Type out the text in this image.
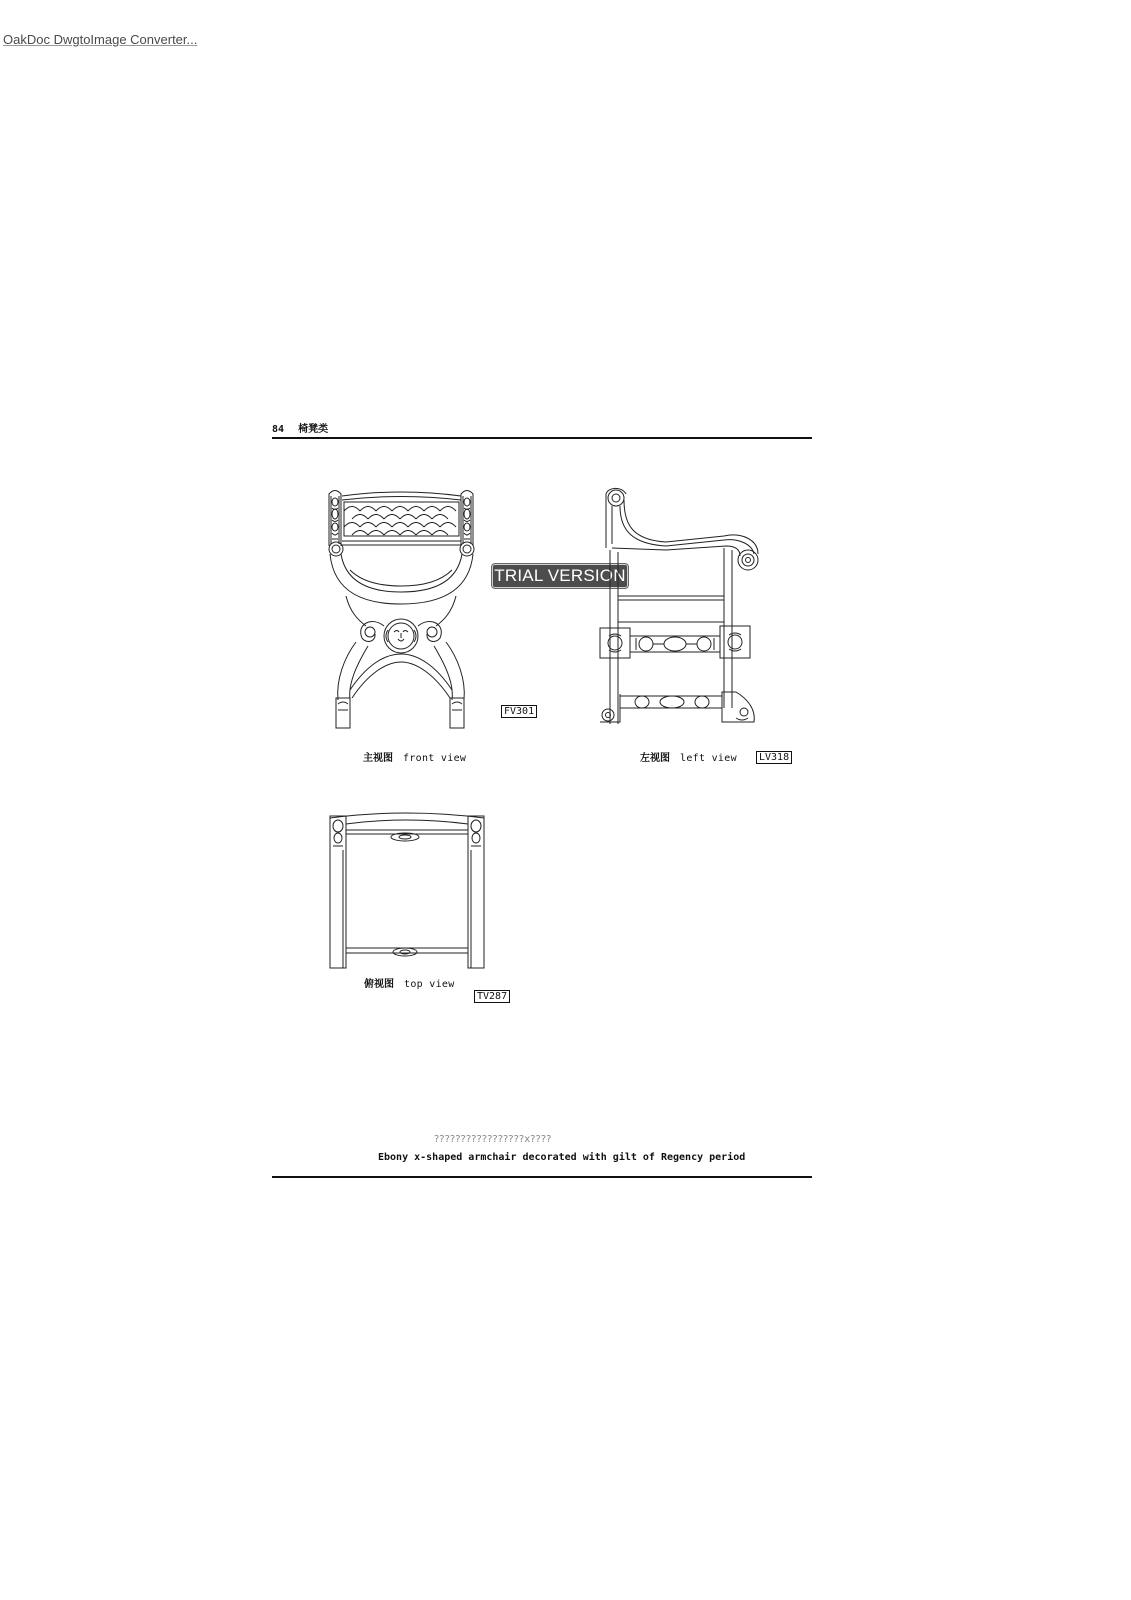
OakDoc DwgtoImage Converter...
84 椅凳类
TRIAL VERSION
FV301
主视图 front view	左视图 left view	LV318
俯视图 top view
TV287
?????????????????x????
Ebony x-shaped armchair decorated with gilt of Regency period
